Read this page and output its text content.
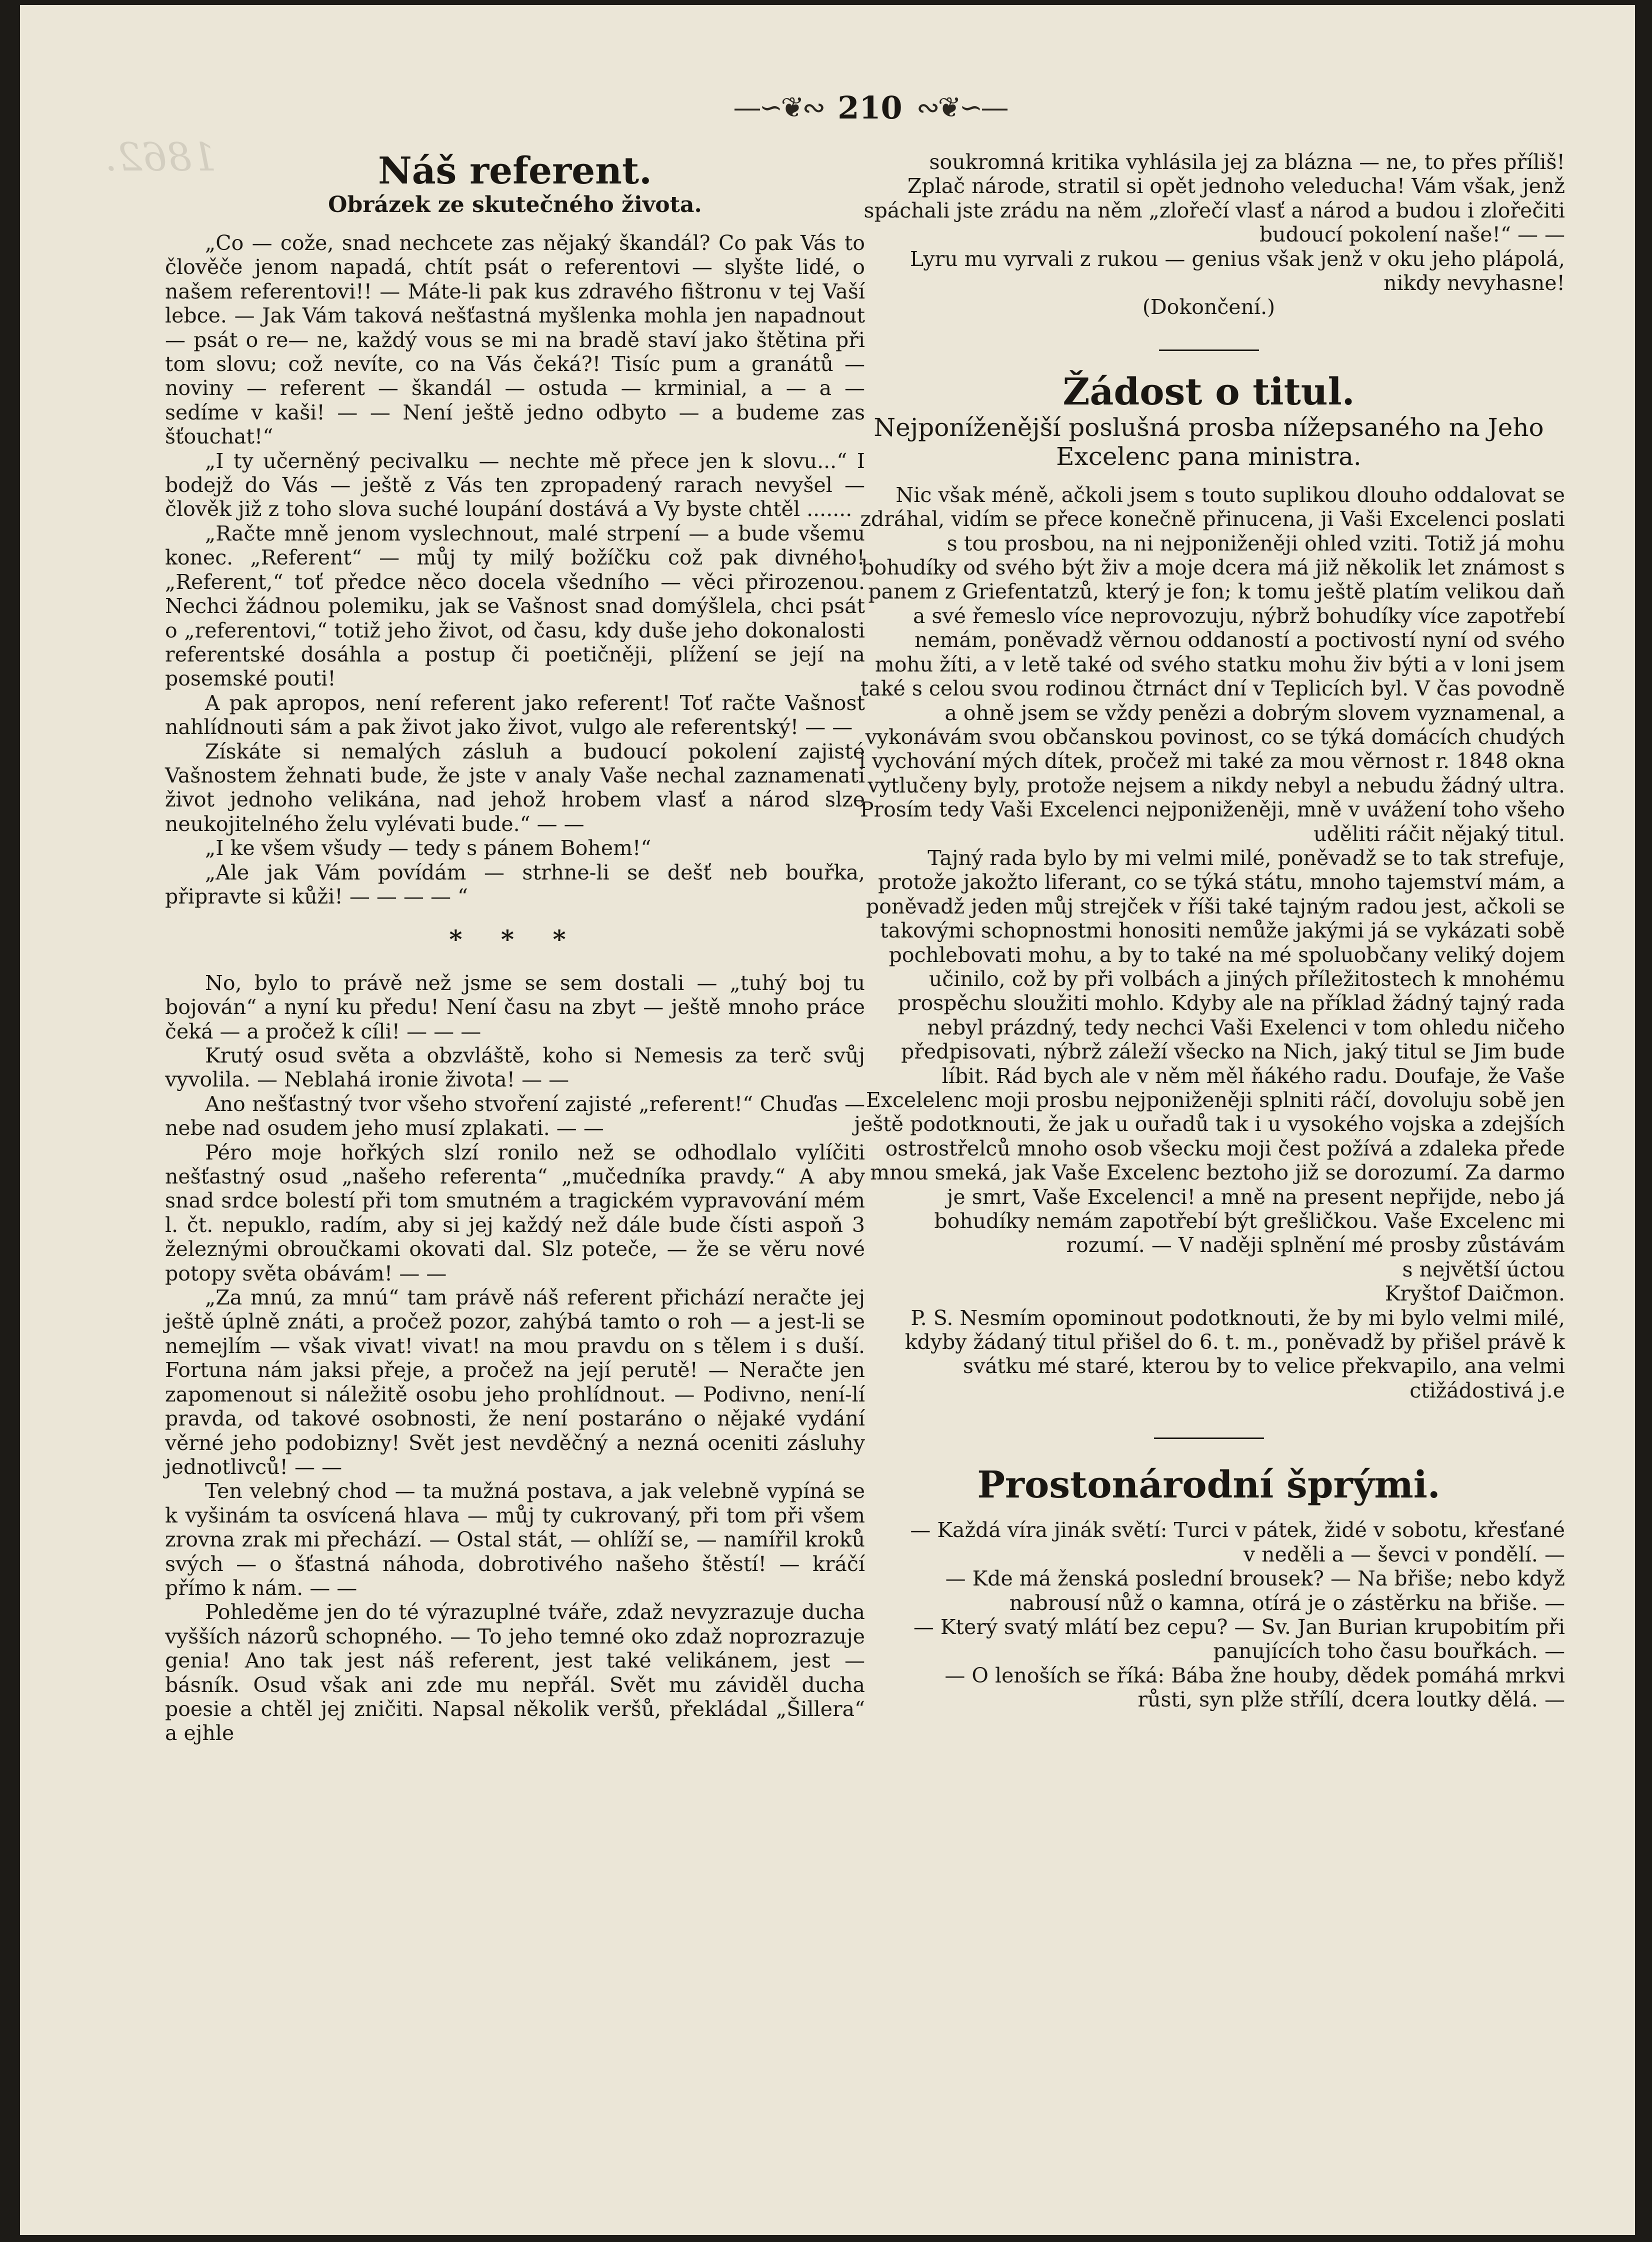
1862.
—∽❦∾ 210 ∾❦∽—
Náš referent.
Obrázek ze skutečného života.

„Co — cože, snad nechcete zas nějaký škandál? Co pak Vás to člověče jenom napadá, chtít psát o referentovi — slyšte lidé, o našem referentovi!! — Máte-li pak kus zdravého fištronu v tej Vaší lebce. — Jak Vám taková nešťastná myšlenka mohla jen napadnout — psát o re— ne, každý vous se mi na bradě staví jako štětina při tom slovu; což nevíte, co na Vás čeká?! Tisíc pum a granátů — noviny — referent — škandál — ostuda — krminial, a — a — sedíme v kaši! — — Není ještě jedno odbyto — a budeme zas šťouchat!“

„I ty učerněný pecivalku — nechte mě přece jen k slovu...“ I bodejž do Vás — ještě z Vás ten zpropadený rarach nevyšel — člověk již z toho slova suché loupání dostává a Vy byste chtěl .......

„Račte mně jenom vyslechnout, malé strpení — a bude všemu konec. „Referent“ — můj ty milý božíčku což pak divného! „Referent,“ toť předce něco docela všedního — věci přirozenou. Nechci žádnou polemiku, jak se Vašnost snad domýšlela, chci psát o „referentovi,“ totiž jeho život, od času, kdy duše jeho dokonalosti referentské dosáhla a postup či poetičněji, plížení se její na posemské pouti!

A pak apropos, není referent jako referent! Toť račte Vašnost nahlídnouti sám a pak život jako život, vulgo ale referentský! — —

Získáte si nemalých zásluh a budoucí pokolení zajisté Vašnostem žehnati bude, že jste v analy Vaše nechal zaznamenati život jednoho velikána, nad jehož hrobem vlasť a národ slze neukojitelného želu vylévati bude.“ — —

„I ke všem všudy — tedy s pánem Bohem!“

„Ale jak Vám povídám — strhne-li se dešť neb bouřka, připravte si kůži! — — — — “

* * *

No, bylo to právě než jsme se sem dostali — „tuhý boj tu bojován“ a nyní ku předu! Není času na zbyt — ještě mnoho práce čeká — a pročež k cíli! — — —

Krutý osud světa a obzvláště, koho si Nemesis za terč svůj vyvolila. — Neblahá ironie života! — —

Ano nešťastný tvor všeho stvoření zajisté „referent!“ Chuďas — nebe nad osudem jeho musí zplakati. — —

Péro moje hořkých slzí ronilo než se odhodlalo vylíčiti nešťastný osud „našeho referenta“ „mučedníka pravdy.“ A aby snad srdce bolestí při tom smutném a tragickém vypravování mém l. čt. nepuklo, radím, aby si jej každý než dále bude čísti aspoň 3 železnými obroučkami okovati dal. Slz poteče, — že se věru nové potopy světa obávám! — —

„Za mnú, za mnú“ tam právě náš referent přichází neračte jej ještě úplně znáti, a pročež pozor, zahýbá tamto o roh — a jest-li se nemejlím — však vivat! vivat! na mou pravdu on s tělem i s duší. Fortuna nám jaksi přeje, a pročež na její perutě! — Neračte jen zapomenout si náležitě osobu jeho prohlídnout. — Podivno, není-lí pravda, od takové osobnosti, že není postaráno o nějaké vydání věrné jeho podobizny! Svět jest nevděčný a nezná oceniti zásluhy jednotlivců! — —

Ten velebný chod — ta mužná postava, a jak velebně vypíná se k vyšinám ta osvícená hlava — můj ty cukrovaný, při tom při všem zrovna zrak mi přechází. — Ostal stát, — ohlíží se, — namířil kroků svých — o šťastná náhoda, dobrotivého našeho štěstí! — kráčí přímo k nám. — —

Pohleděme jen do té výrazuplné tváře, zdaž nevyzrazuje ducha vyšších názorů schopného. — To jeho temné oko zdaž noprozrazuje genia! Ano tak jest náš referent, jest také velikánem, jest — básník. Osud však ani zde mu nepřál. Svět mu záviděl ducha poesie a chtěl jej zničiti. Napsal několik veršů, překládal „Šillera“ a ejhle

soukromná kritika vyhlásila jej za blázna — ne, to přes příliš!

Zplač národe, stratil si opět jednoho veleducha! Vám však, jenž spáchali jste zrádu na něm „zlořečí vlasť a národ a budou i zlořečiti budoucí pokolení naše!“ — —

Lyru mu vyrvali z rukou — genius však jenž v oku jeho plápolá, nikdy nevyhasne!

(Dokončení.)

Žádost o titul.
Nejponíženější poslušná prosba nížepsaného na Jeho Excelenc pana ministra.

Nic však méně, ačkoli jsem s touto suplikou dlouho oddalovat se zdráhal, vidím se přece konečně přinucena, ji Vaši Excelenci poslati s tou prosbou, na ni nejponiženěji ohled vziti. Totiž já mohu bohudíky od svého být živ a moje dcera má již několik let známost s panem z Griefentatzů, který je fon; k tomu ještě platím velikou daň a své řemeslo více neprovozuju, nýbrž bohudíky více zapotřebí nemám, poněvadž věrnou oddaností a poctivostí nyní od svého mohu žíti, a v letě také od svého statku mohu živ býti a v loni jsem také s celou svou rodinou čtrnáct dní v Teplicích byl. V čas povodně a ohně jsem se vždy penězi a dobrým slovem vyznamenal, a vykonávám svou občanskou povinost, co se týká domácích chudých i vychování mých dítek, pročež mi také za mou věrnost r. 1848 okna vytlučeny byly, protože nejsem a nikdy nebyl a nebudu žádný ultra. Prosím tedy Vaši Excelenci nejponiženěji, mně v uvážení toho všeho uděliti ráčit nějaký titul.

Tajný rada bylo by mi velmi milé, poněvadž se to tak strefuje, protože jakožto liferant, co se týká státu, mnoho tajemství mám, a poněvadž jeden můj strejček v říši také tajným radou jest, ačkoli se takovými schopnostmi honositi nemůže jakými já se vykázati sobě pochlebovati mohu, a by to také na mé spoluobčany veliký dojem učinilo, což by při volbách a jiných příležitostech k mnohému prospěchu sloužiti mohlo. Kdyby ale na příklad žádný tajný rada nebyl prázdný, tedy nechci Vaši Exelenci v tom ohledu ničeho předpisovati, nýbrž záleží všecko na Nich, jaký titul se Jim bude líbit. Rád bych ale v něm měl ňákého radu. Doufaje, že Vaše Excelelenc moji prosbu nejponiženěji splniti ráčí, dovoluju sobě jen ještě podotknouti, že jak u ouřadů tak i u vysokého vojska a zdejších ostrostřelců mnoho osob všecku moji čest požívá a zdaleka přede mnou smeká, jak Vaše Excelenc beztoho již se dorozumí. Za darmo je smrt, Vaše Excelenci! a mně na present nepřijde, nebo já bohudíky nemám zapotřebí být grešličkou. Vaše Excelenc mi rozumí. — V naději splnění mé prosby zůstávám

s největší úctou

Kryštof Daičmon.

P. S. Nesmím opominout podotknouti, že by mi bylo velmi milé, kdyby žádaný titul přišel do 6. t. m., poněvadž by přišel právě k svátku mé staré, kterou by to velice překvapilo, ana velmi ctižádostivá j.e

Prostonárodní šprými.

— Každá víra jinák světí: Turci v pátek, židé v sobotu, křesťané v neděli a — ševci v pondělí. —

— Kde má ženská poslední brousek? — Na břiše; nebo když nabrousí nůž o kamna, otírá je o zástěrku na břiše. —

— Který svatý mlátí bez cepu? — Sv. Jan Burian krupobitím při panujících toho času bouřkách. —

— O lenoších se říká: Bába žne houby, dědek pomáhá mrkvi růsti, syn plže střílí, dcera loutky dělá. —
